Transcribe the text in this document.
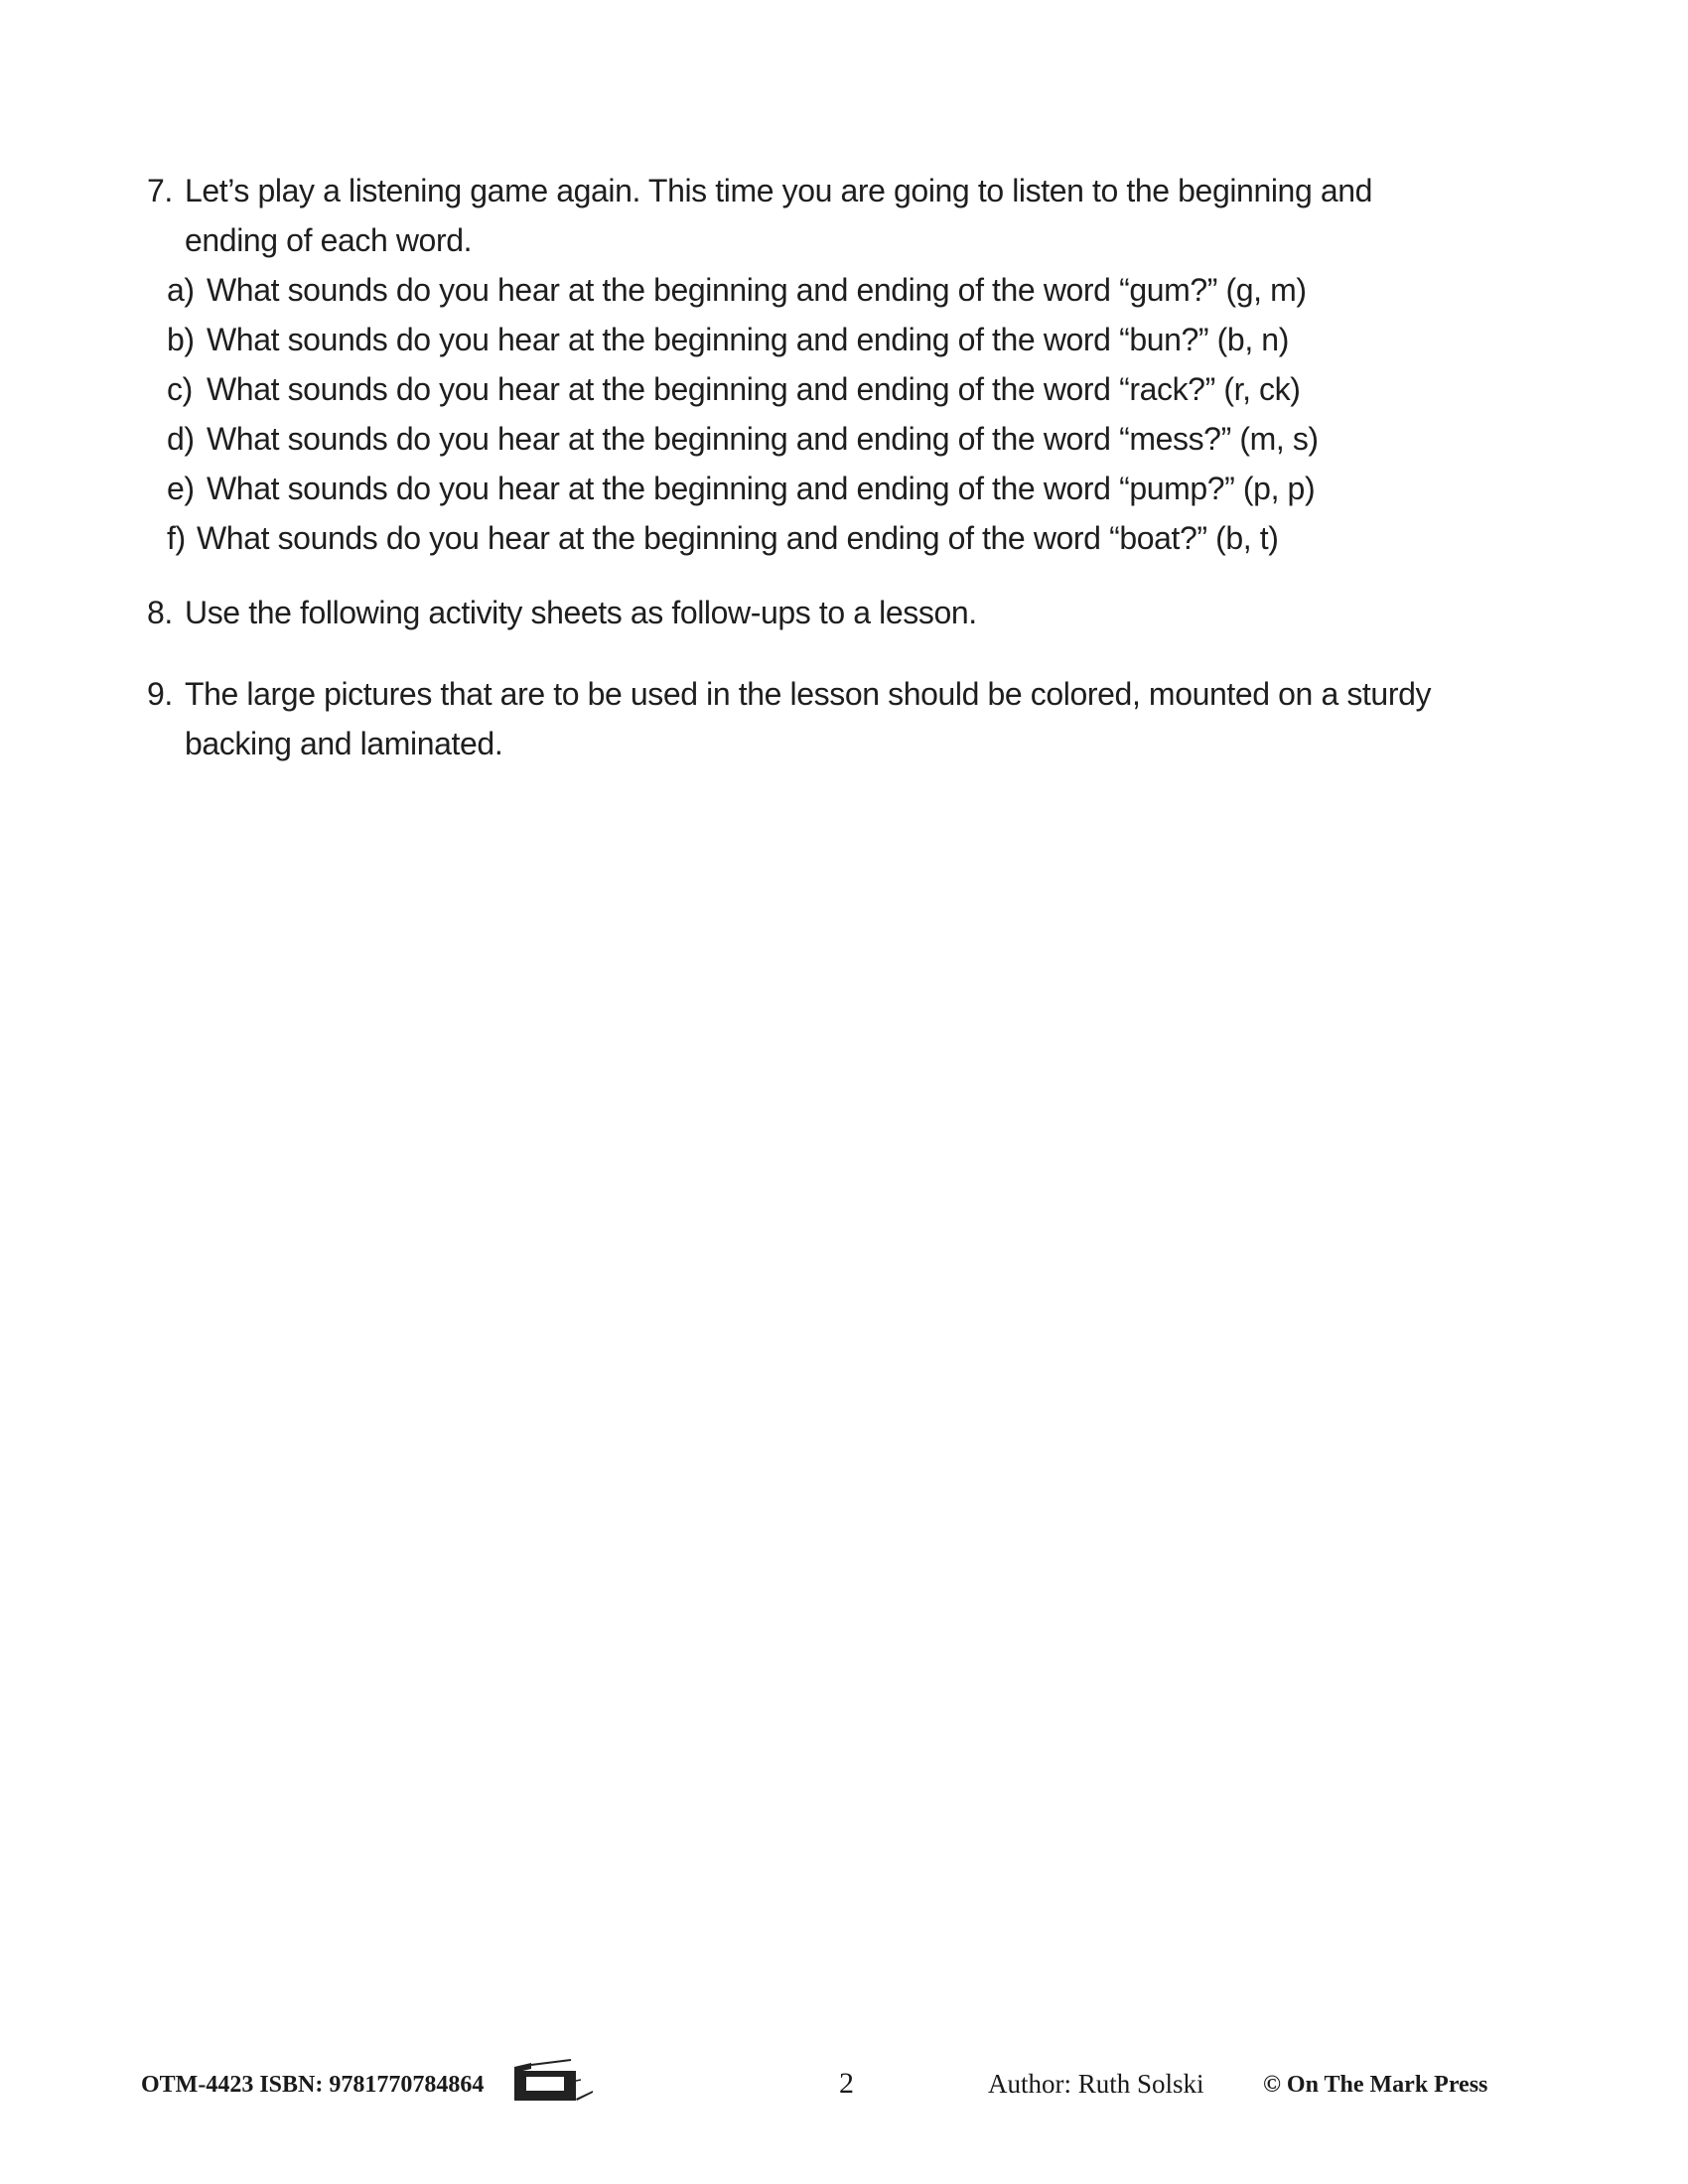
7. Let’s play a listening game again. This time you are going to listen to the beginning and
ending of each word.
a) What sounds do you hear at the beginning and ending of the word “gum?” (g, m)
b) What sounds do you hear at the beginning and ending of the word “bun?” (b, n)
c) What sounds do you hear at the beginning and ending of the word “rack?” (r, ck)
d) What sounds do you hear at the beginning and ending of the word “mess?” (m, s)
e) What sounds do you hear at the beginning and ending of the word “pump?” (p, p)
f) What sounds do you hear at the beginning and ending of the word “boat?” (b, t)
8. Use the following activity sheets as follow-ups to a lesson.
9. The large pictures that are to be used in the lesson should be colored, mounted on a sturdy
backing and laminated.
OTM-4423 ISBN: 9781770784864	2	Author: Ruth Solski © On The Mark Press
